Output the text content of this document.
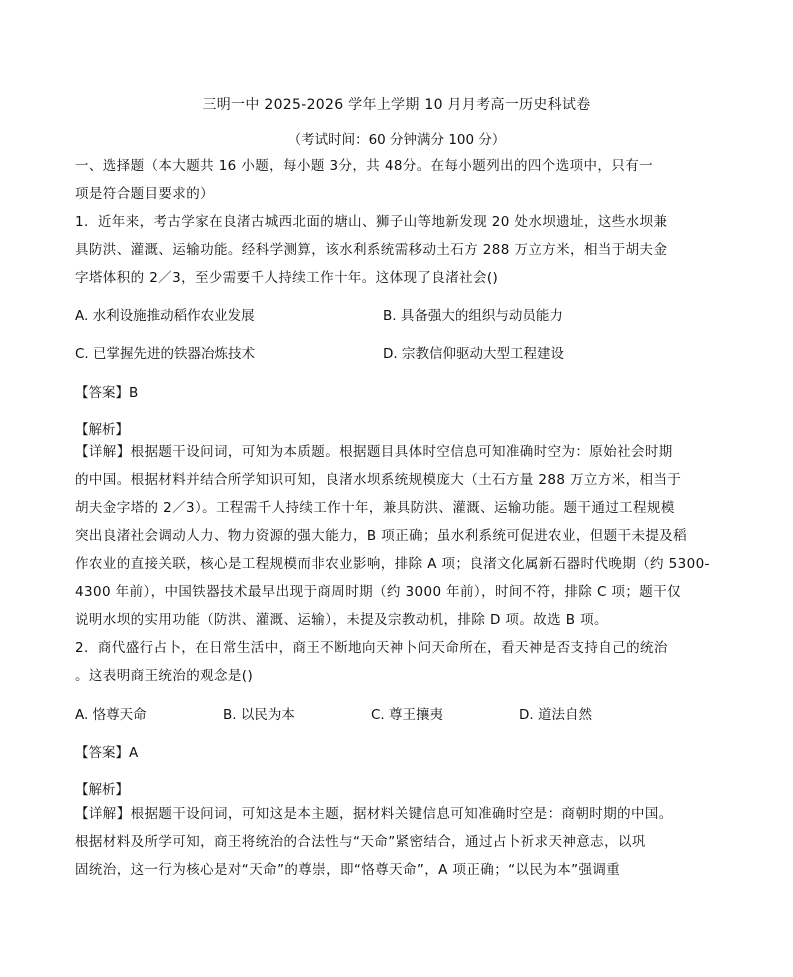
三明一中 2025-2026 学年上学期 10 月月考高一历史科试卷
（考试时间：60 分钟满分 100 分）
一、选择题（本大题共 16 小题，每小题 3分，共 48分。在每小题列出的四个选项中，只有一
项是符合题目要求的）
1．近年来，考古学家在良渚古城西北面的塘山、狮子山等地新发现 20 处水坝遗址，这些水坝兼
具防洪、灌溉、运输功能。经科学测算，该水利系统需移动土石方 288 万立方米，相当于胡夫金
字塔体积的 2／3，至少需要千人持续工作十年。这体现了良渚社会()
A. 水利设施推动稻作农业发展	B. 具备强大的组织与动员能力
C. 已掌握先进的铁器冶炼技术	D. 宗教信仰驱动大型工程建设
【答案】B
【解析】
【详解】根据题干设问词，可知为本质题。根据题目具体时空信息可知准确时空为：原始社会时期
的中国。根据材料并结合所学知识可知，良渚水坝系统规模庞大（土石方量 288 万立方米，相当于
胡夫金字塔的 2／3）。工程需千人持续工作十年，兼具防洪、灌溉、运输功能。题干通过工程规模
突出良渚社会调动人力、物力资源的强大能力，B 项正确；虽水利系统可促进农业，但题干未提及稻
作农业的直接关联，核心是工程规模而非农业影响，排除 A 项；良渚文化属新石器时代晚期（约 5300-
4300 年前），中国铁器技术最早出现于商周时期（约 3000 年前），时间不符，排除 C 项；题干仅
说明水坝的实用功能（防洪、灌溉、运输），未提及宗教动机，排除 D 项。故选 B 项。
2．商代盛行占卜，在日常生活中，商王不断地向天神卜问天命所在，看天神是否支持自己的统治
。这表明商王统治的观念是()
A. 恪尊天命	B. 以民为本	C. 尊王攘夷	D. 道法自然
【答案】A
【解析】
【详解】根据题干设问词，可知这是本主题，据材料关键信息可知准确时空是：商朝时期的中国。
根据材料及所学可知，商王将统治的合法性与“天命”紧密结合，通过占卜祈求天神意志，以巩
固统治，这一行为核心是对“天命”的尊崇，即“恪尊天命”，A 项正确；“以民为本”强调重
